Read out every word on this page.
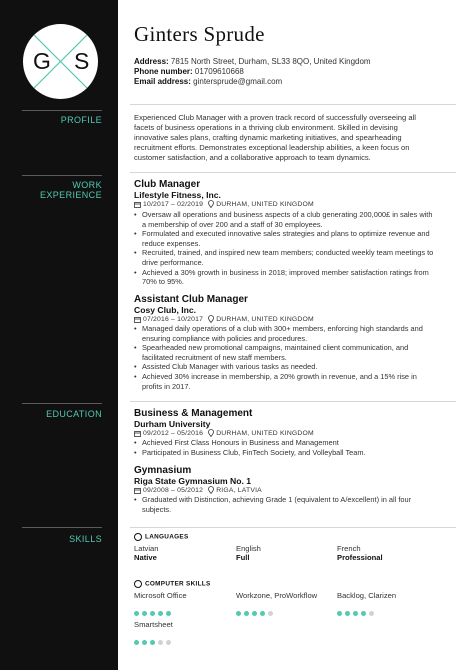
G S
PROFILE
WORK
EXPERIENCE
EDUCATION
SKILLS
Ginters Sprude
Address: 7815 North Street, Durham, SL33 8QO, United Kingdom
Phone number: 01709610668
Email address: gintersprude@gmail.com
Experienced Club Manager with a proven track record of successfully overseeing all facets of business operations in a thriving club environment. Skilled in devising innovative sales plans, crafting dynamic marketing initiatives, and spearheading recruitment efforts. Demonstrates exceptional leadership abilities, a keen focus on customer satisfaction, and a collaborative approach to team dynamics.
Club Manager
Lifestyle Fitness, Inc.
10/2017 – 02/2019 DURHAM, UNITED KINGDOM
• Oversaw all operations and business aspects of a club generating 200,000£ in sales with a membership of over 200 and a staff of 30 employees.
• Formulated and executed innovative sales strategies and plans to optimize revenue and reduce expenses.
• Recruited, trained, and inspired new team members; conducted weekly team meetings to drive performance.
• Achieved a 30% growth in business in 2018; improved member satisfaction ratings from 70% to 95%.
Assistant Club Manager
Cosy Club, Inc.
07/2016 – 10/2017 DURHAM, UNITED KINGDOM
• Managed daily operations of a club with 300+ members, enforcing high standards and ensuring compliance with policies and procedures.
• Spearheaded new promotional campaigns, maintained client communication, and facilitated recruitment of new staff members.
• Assisted Club Manager with various tasks as needed.
• Achieved 30% increase in membership, a 20% growth in revenue, and a 15% rise in profits in 2017.
Business & Management
Durham University
09/2012 – 05/2016 DURHAM, UNITED KINGDOM
• Achieved First Class Honours in Business and Management
• Participated in Business Club, FinTech Society, and Volleyball Team.
Gymnasium
Riga State Gymnasium No. 1
09/2008 – 05/2012 RIGA, LATVIA
• Graduated with Distinction, achieving Grade 1 (equivalent to A/excellent) in all four subjects.
LANGUAGES
Latvian
Native
English
Full
French
Professional
COMPUTER SKILLS
Microsoft Office	Workzone, ProWorkflow	Backlog, Clarizen
Smartsheet
